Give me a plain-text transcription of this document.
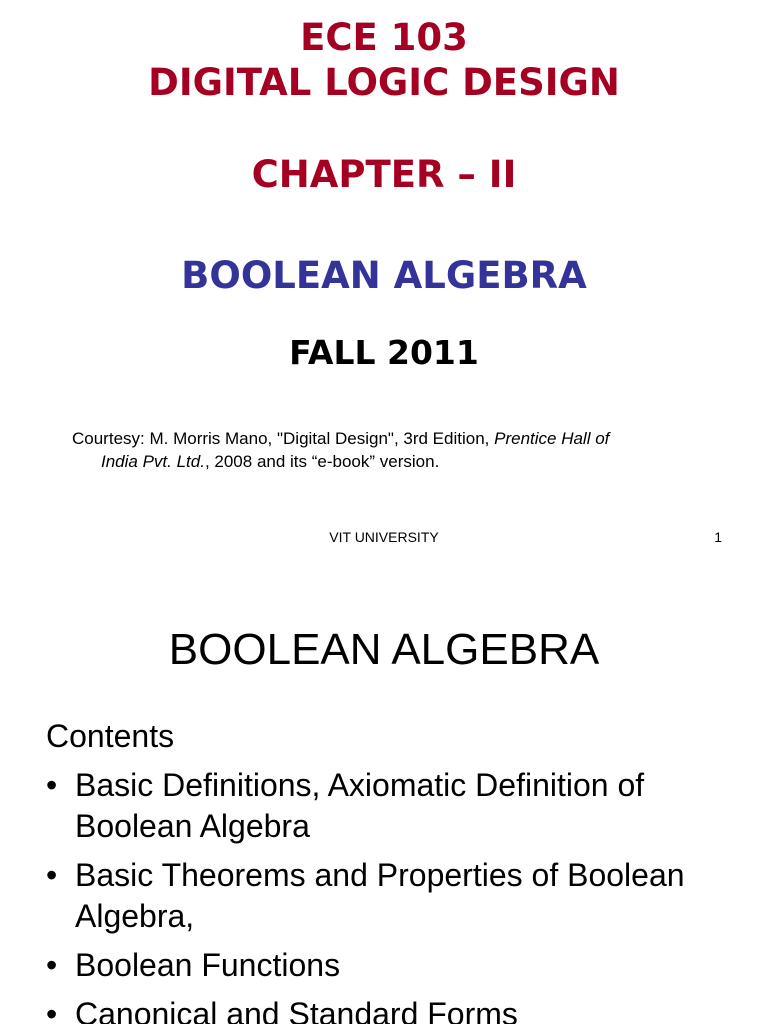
ECE 103
DIGITAL LOGIC DESIGN
CHAPTER – II
BOOLEAN ALGEBRA
FALL 2011
Courtesy: M. Morris Mano, "Digital Design", 3rd Edition, Prentice Hall of
India Pvt. Ltd., 2008 and its “e-book” version.
VIT UNIVERSITY	1
BOOLEAN ALGEBRA
Contents
• Basic Definitions, Axiomatic Definition of Boolean Algebra
• Basic Theorems and Properties of Boolean Algebra,
• Boolean Functions
• Canonical and Standard Forms
